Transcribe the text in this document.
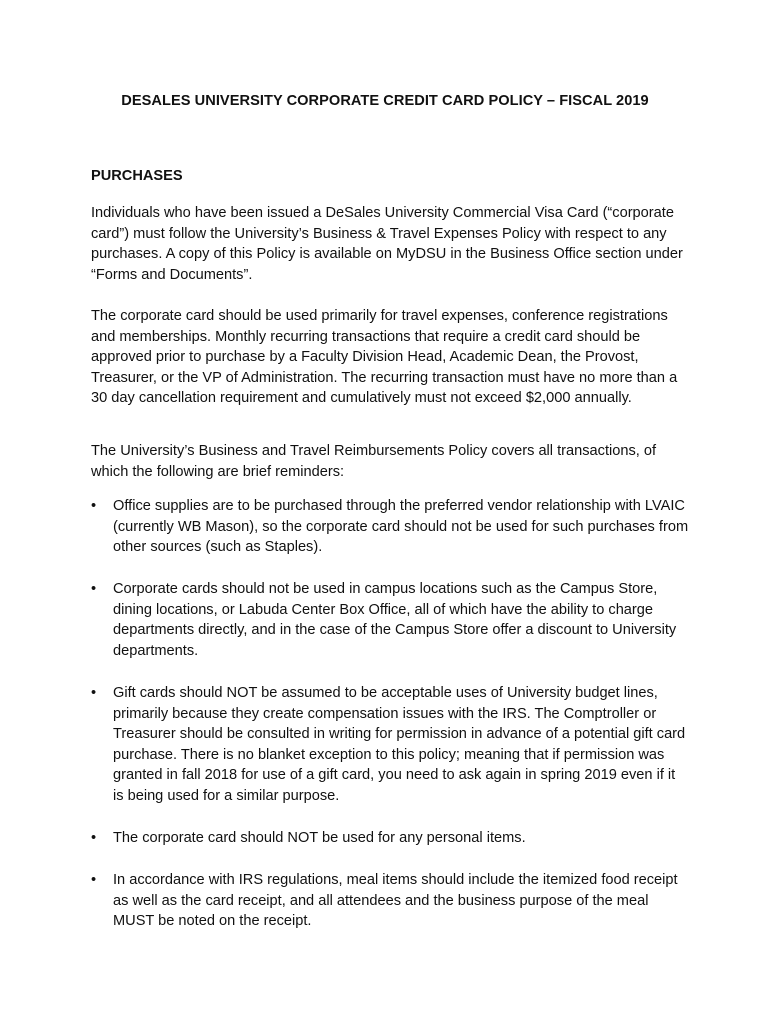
DESALES UNIVERSITY CORPORATE CREDIT CARD POLICY – FISCAL 2019
PURCHASES

Individuals who have been issued a DeSales University Commercial Visa Card (“corporate card”) must follow the University’s Business & Travel Expenses Policy with respect to any purchases. A copy of this Policy is available on MyDSU in the Business Office section under “Forms and Documents”.

The corporate card should be used primarily for travel expenses, conference registrations and memberships. Monthly recurring transactions that require a credit card should be approved prior to purchase by a Faculty Division Head, Academic Dean, the Provost, Treasurer, or the VP of Administration. The recurring transaction must have no more than a 30 day cancellation requirement and cumulatively must not exceed $2,000 annually.

The University’s Business and Travel Reimbursements Policy covers all transactions, of which the following are brief reminders:

• Office supplies are to be purchased through the preferred vendor relationship with LVAIC (currently WB Mason), so the corporate card should not be used for such purchases from other sources (such as Staples).
• Corporate cards should not be used in campus locations such as the Campus Store, dining locations, or Labuda Center Box Office, all of which have the ability to charge departments directly, and in the case of the Campus Store offer a discount to University departments.
• Gift cards should NOT be assumed to be acceptable uses of University budget lines, primarily because they create compensation issues with the IRS. The Comptroller or Treasurer should be consulted in writing for permission in advance of a potential gift card purchase. There is no blanket exception to this policy; meaning that if permission was granted in fall 2018 for use of a gift card, you need to ask again in spring 2019 even if it is being used for a similar purpose.
• The corporate card should NOT be used for any personal items.
• In accordance with IRS regulations, meal items should include the itemized food receipt as well as the card receipt, and all attendees and the business purpose of the meal MUST be noted on the receipt.
